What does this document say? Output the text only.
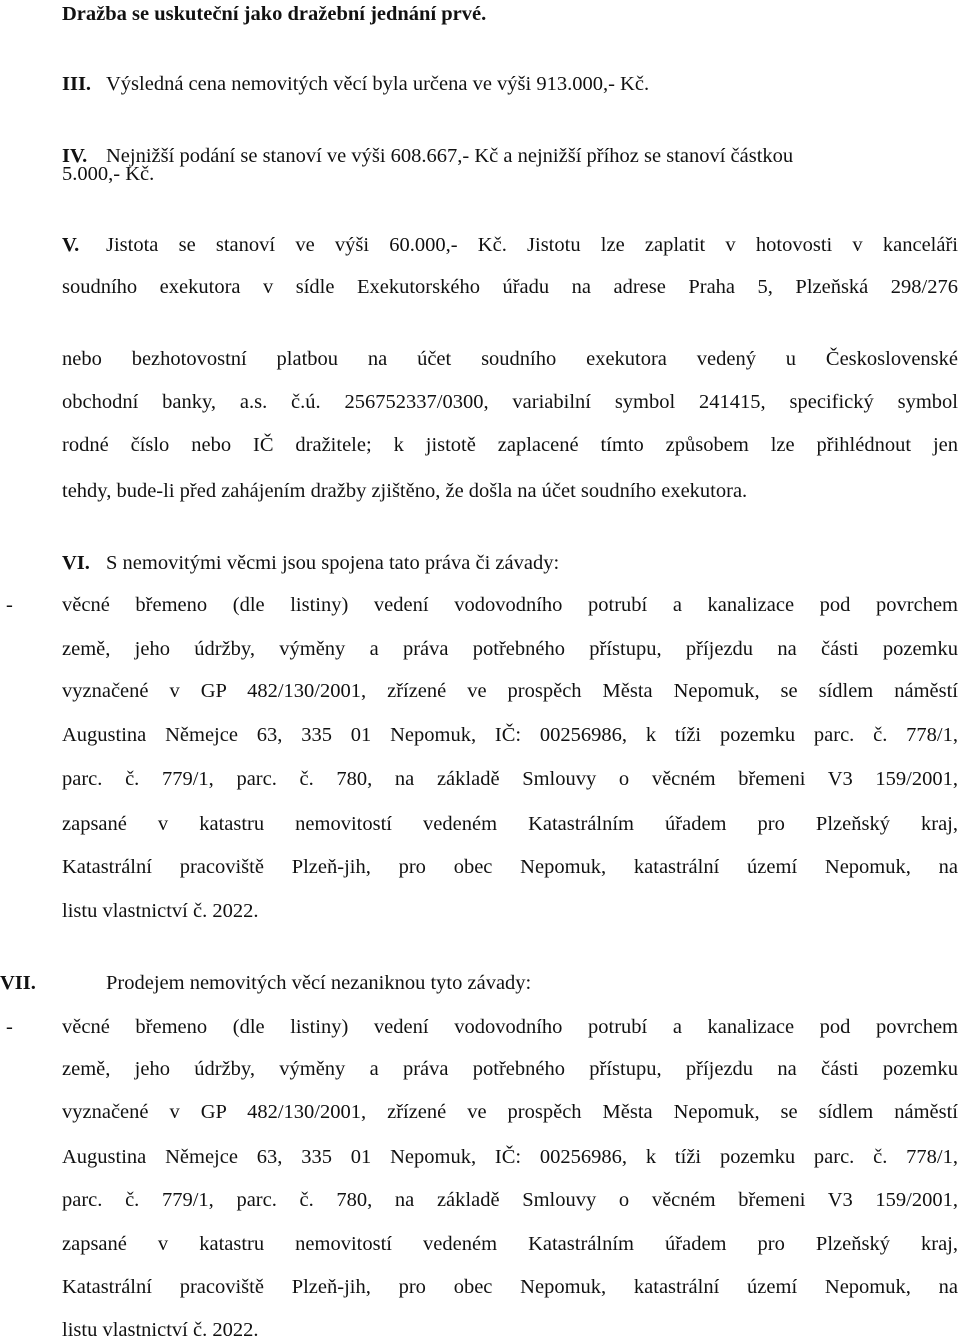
Dražba se uskuteční jako dražební jednání prvé.
III. Výsledná cena nemovitých věcí byla určena ve výši 913.000,- Kč.
IV. Nejnižší podání se stanoví ve výši 608.667,- Kč a nejnižší příhoz se stanoví částkou
5.000,- Kč.
V. Jistota se stanoví ve výši 60.000,- Kč. Jistotu lze zaplatit v hotovosti v kanceláři
soudního exekutora v sídle Exekutorského úřadu na adrese Praha 5, Plzeňská 298/276
nebo bezhotovostní platbou na účet soudního exekutora vedený u Československé
obchodní banky, a.s. č.ú. 256752337/0300, variabilní symbol 241415, specifický symbol
rodné číslo nebo IČ dražitele; k jistotě zaplacené tímto způsobem lze přihlédnout jen
tehdy, bude-li před zahájením dražby zjištěno, že došla na účet soudního exekutora.
VI. S nemovitými věcmi jsou spojena tato práva či závady:
- věcné břemeno (dle listiny) vedení vodovodního potrubí a kanalizace pod povrchem
země, jeho údržby, výměny a práva potřebného přístupu, příjezdu na části pozemku
vyznačené v GP 482/130/2001, zřízené ve prospěch Města Nepomuk, se sídlem náměstí
Augustina Němejce 63, 335 01 Nepomuk, IČ: 00256986, k tíži pozemku parc. č. 778/1,
parc. č. 779/1, parc. č. 780, na základě Smlouvy o věcném břemeni V3 159/2001,
zapsané v katastru nemovitostí vedeném Katastrálním úřadem pro Plzeňský kraj,
Katastrální pracoviště Plzeň-jih, pro obec Nepomuk, katastrální území Nepomuk, na
listu vlastnictví č. 2022.
VII.	Prodejem nemovitých věcí nezaniknou tyto závady:
- věcné břemeno (dle listiny) vedení vodovodního potrubí a kanalizace pod povrchem
země, jeho údržby, výměny a práva potřebného přístupu, příjezdu na části pozemku
vyznačené v GP 482/130/2001, zřízené ve prospěch Města Nepomuk, se sídlem náměstí
Augustina Němejce 63, 335 01 Nepomuk, IČ: 00256986, k tíži pozemku parc. č. 778/1,
parc. č. 779/1, parc. č. 780, na základě Smlouvy o věcném břemeni V3 159/2001,
zapsané v katastru nemovitostí vedeném Katastrálním úřadem pro Plzeňský kraj,
Katastrální pracoviště Plzeň-jih, pro obec Nepomuk, katastrální území Nepomuk, na
listu vlastnictví č. 2022.
